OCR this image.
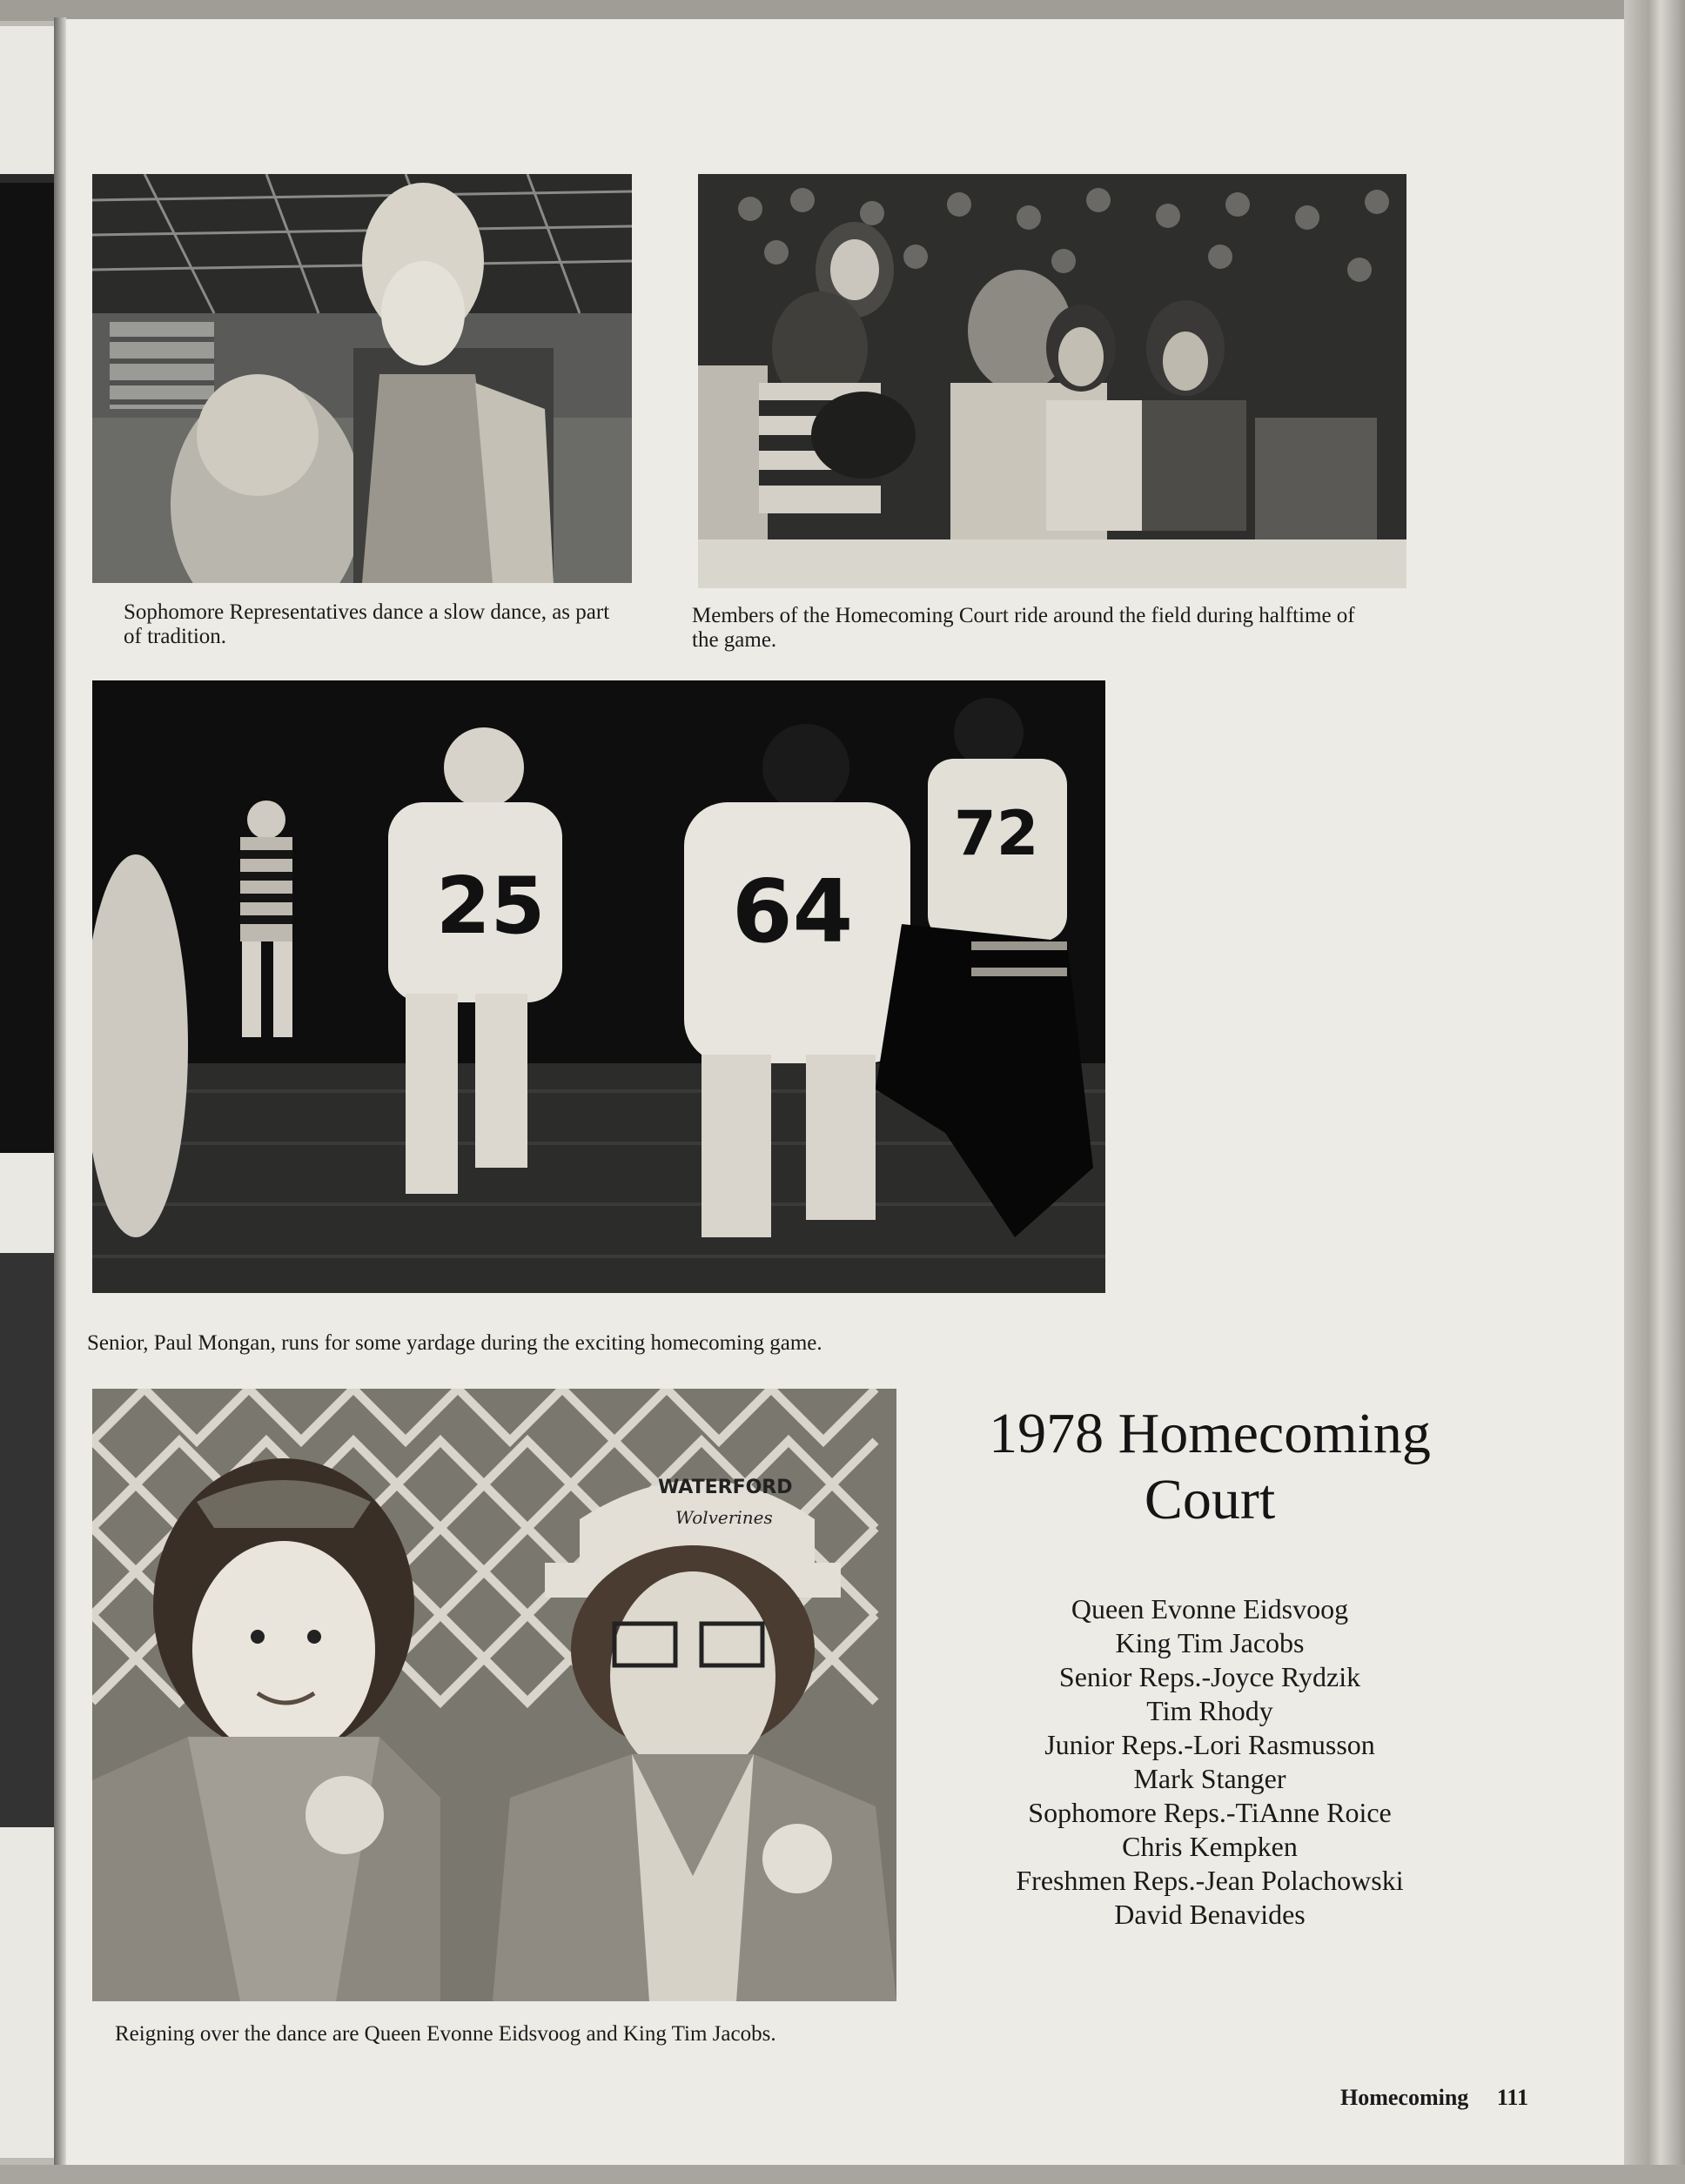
Sophomore Representatives dance a slow dance, as part of tradition.

Members of the Homecoming Court ride around the field during halftime of the game.

25 64
72

Senior, Paul Mongan, runs for some yardage during the exciting homecoming game.

WATERFORD
Wolverines

Reigning over the dance are Queen Evonne Eidsvoog and King Tim Jacobs.

1978 Homecoming
Court
Queen Evonne Eidsvoog
King Tim Jacobs
Senior Reps.-Joyce Rydzik
Tim Rhody
Junior Reps.-Lori Rasmusson
Mark Stanger
Sophomore Reps.-TiAnne Roice
Chris Kempken
Freshmen Reps.-Jean Polachowski
David Benavides
Homecoming 111
